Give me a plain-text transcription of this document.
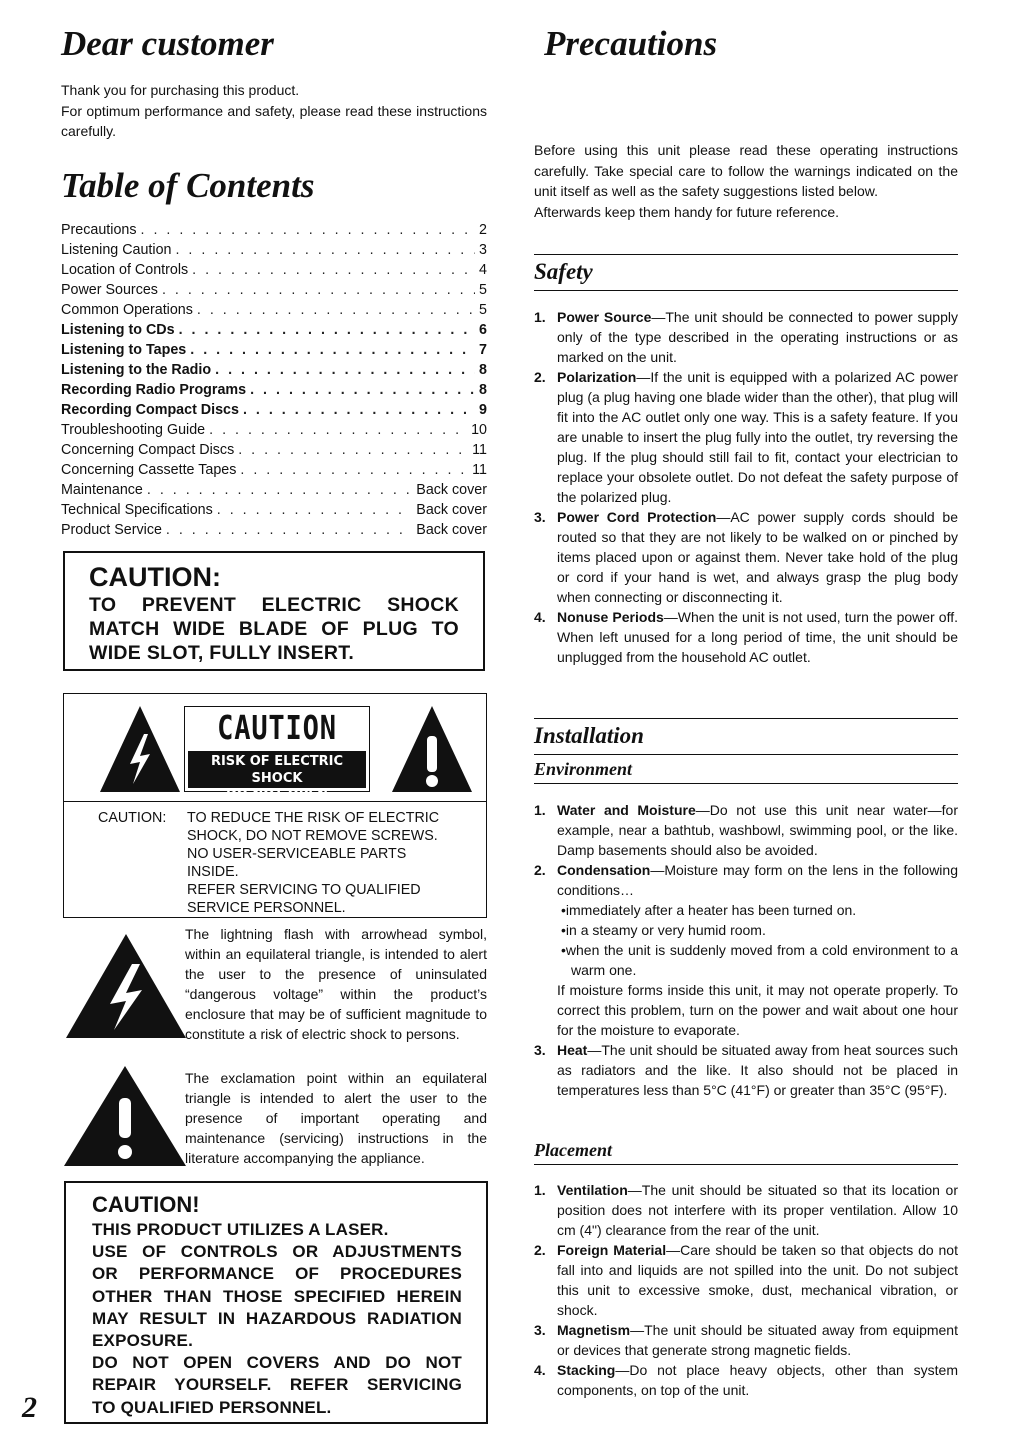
Dear customer

Thank you for purchasing this product.

For optimum performance and safety, please read these instructions carefully.

Table of Contents
Precautions . . .	2
Listening Caution . . .	3
Location of Controls . . .	4
Power Sources . . .	5
Common Operations . . .	5
Listening to CDs . . .	6
Listening to Tapes . . .	7
Listening to the Radio . . .	8
Recording Radio Programs . . .	8
Recording Compact Discs . . .	9
Troubleshooting Guide . . .	10
Concerning Compact Discs . . .	11
Concerning Cassette Tapes . . .	11
Maintenance . . .	Back cover
Technical Specifications . . .	Back cover
Product Service . . .	Back cover
CAUTION:
TO PREVENT ELECTRIC SHOCK
MATCH WIDE BLADE OF PLUG TO
WIDE SLOT, FULLY INSERT.
CAUTION
RISK OF ELECTRIC SHOCK
DO NOT OPEN
CAUTION:	TO REDUCE THE RISK OF ELECTRIC
SHOCK, DO NOT REMOVE SCREWS.
NO USER-SERVICEABLE PARTS
INSIDE.
REFER SERVICING TO QUALIFIED
SERVICE PERSONNEL.
The lightning flash with arrowhead symbol, within an equilateral triangle, is intended to alert the user to the presence of uninsulated “dangerous voltage” within the product’s enclosure that may be of sufficient magnitude to constitute a risk of electric shock to persons.
The exclamation point within an equilateral triangle is intended to alert the user to the presence of important operating and maintenance (servicing) instructions in the literature accompanying the appliance.
CAUTION!
THIS PRODUCT UTILIZES A LASER.
USE OF CONTROLS OR ADJUSTMENTS
OR PERFORMANCE OF PROCEDURES
OTHER THAN THOSE SPECIFIED HEREIN
MAY RESULT IN HAZARDOUS RADIATION
EXPOSURE.
DO NOT OPEN COVERS AND DO NOT
REPAIR YOURSELF. REFER SERVICING
TO QUALIFIED PERSONNEL.
2
Precautions

Before using this unit please read these operating instructions carefully. Take special care to follow the warnings indicated on the unit itself as well as the safety suggestions listed below.

Afterwards keep them handy for future reference.

Safety
1. Power Source—The unit should be connected to power supply only of the type described in the operating instructions or as marked on the unit.
2. Polarization—If the unit is equipped with a polarized AC power plug (a plug having one blade wider than the other), that plug will fit into the AC outlet only one way. This is a safety feature. If you are unable to insert the plug fully into the outlet, try reversing the plug. If the plug should still fail to fit, contact your electrician to replace your obsolete outlet. Do not defeat the safety purpose of the polarized plug.
3. Power Cord Protection—AC power supply cords should be routed so that they are not likely to be walked on or pinched by items placed upon or against them. Never take hold of the plug or cord if your hand is wet, and always grasp the plug body when connecting or disconnecting it.
4. Nonuse Periods—When the unit is not used, turn the power off. When left unused for a long period of time, the unit should be unplugged from the household AC outlet.
Installation
Environment
1. Water and Moisture—Do not use this unit near water—for example, near a bathtub, washbowl, swimming pool, or the like. Damp basements should also be avoided.
2. Condensation—Moisture may form on the lens in the following conditions…
•immediately after a heater has been turned on.
•in a steamy or very humid room.
•when the unit is suddenly moved from a cold environment to a warm one.
If moisture forms inside this unit, it may not operate properly. To correct this problem, turn on the power and wait about one hour for the moisture to evaporate.
3. Heat—The unit should be situated away from heat sources such as radiators and the like. It also should not be placed in temperatures less than 5°C (41°F) or greater than 35°C (95°F).
Placement
1. Ventilation—The unit should be situated so that its location or position does not interfere with its proper ventilation. Allow 10 cm (4") clearance from the rear of the unit.
2. Foreign Material—Care should be taken so that objects do not fall into and liquids are not spilled into the unit. Do not subject this unit to excessive smoke, dust, mechanical vibration, or shock.
3. Magnetism—The unit should be situated away from equipment or devices that generate strong magnetic fields.
4. Stacking—Do not place heavy objects, other than system components, on top of the unit.
